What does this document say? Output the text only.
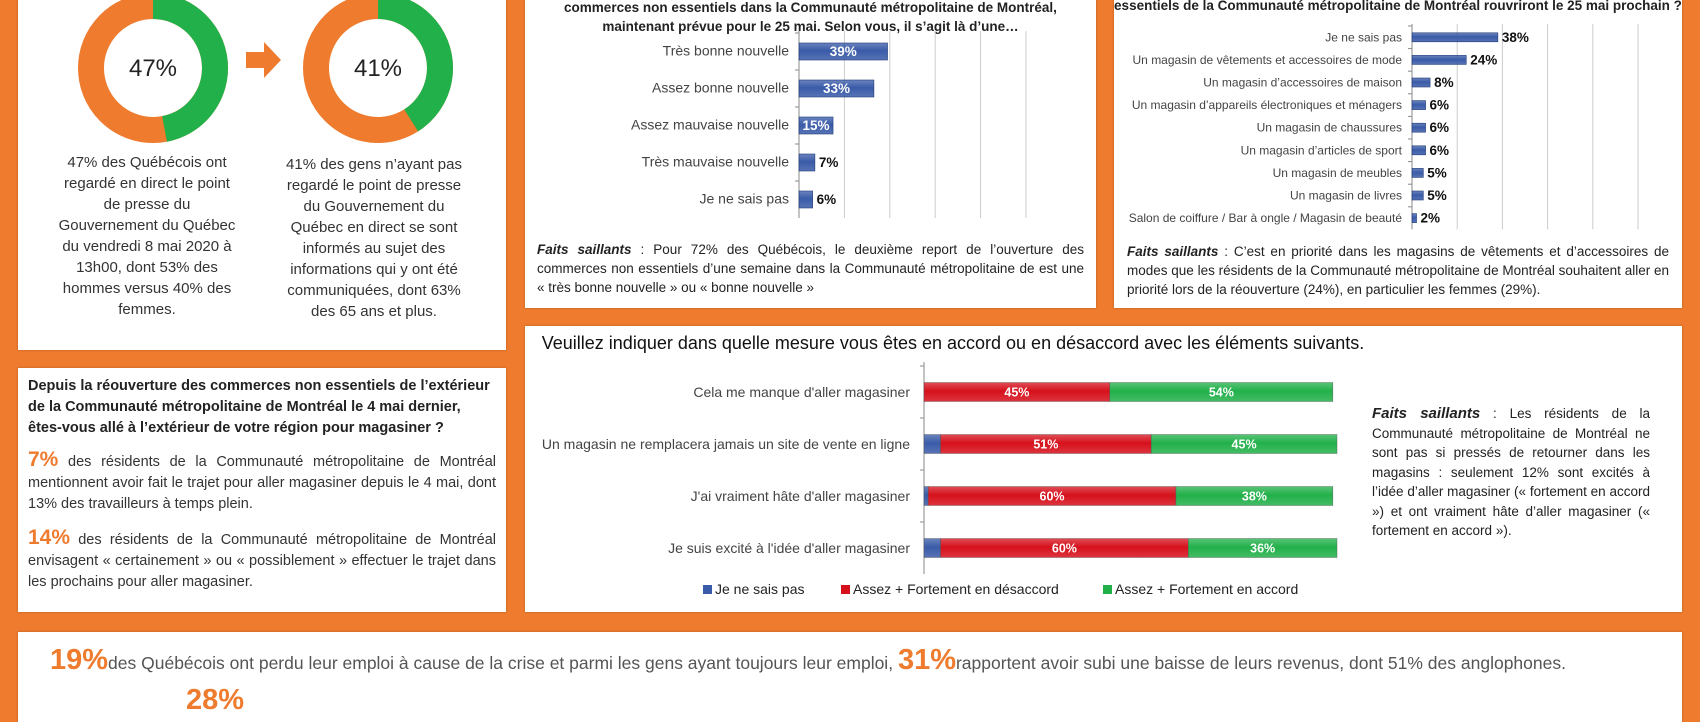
47%	41%
47% des Québécois ont regardé en direct le point de presse du Gouvernement du Québec du vendredi 8 mai 2020 à 13h00, dont 53% des hommes versus 40% des femmes.
41% des gens n’ayant pas regardé le point de presse du Gouvernement du Québec en direct se sont informés au sujet des informations qui y ont été communiquées, dont 63% des 65 ans et plus.
commerces non essentiels dans la Communauté métropolitaine de Montréal,
maintenant prévue pour le 25 mai. Selon vous, il s’agit là d’une…
Très bonne nouvelle	39%
Assez bonne nouvelle	33%
Assez mauvaise nouvelle 15%
Très mauvaise nouvelle 7%
Je ne sais pas 6%
Faits saillants : Pour 72% des Québécois, le deuxième report de l’ouverture des commerces non essentiels d’une semaine dans la Communauté métropolitaine de est une « très bonne nouvelle » ou « bonne nouvelle »
essentiels de la Communauté métropolitaine de Montréal rouvriront le 25 mai prochain ?
Je ne sais pas	38%
Un magasin de vêtements et accessoires de mode	24%
Un magasin d’accessoires de maison 8%
Un magasin d’appareils électroniques et ménagers 6%
Un magasin de chaussures 6%
Un magasin d’articles de sport 6%
Un magasin de meubles 5%
Un magasin de livres 5%
Salon de coiffure / Bar à ongle / Magasin de beauté 2%
Faits saillants : C’est en priorité dans les magasins de vêtements et d’accessoires de modes que les résidents de la Communauté métropolitaine de Montréal souhaitent aller en priorité lors de la réouverture (24%), en particulier les femmes (29%).
Depuis la réouverture des commerces non essentiels de l’extérieur de la Communauté métropolitaine de Montréal le 4 mai dernier, êtes-vous allé à l’extérieur de votre région pour magasiner ?
7% des résidents de la Communauté métropolitaine de Montréal mentionnent avoir fait le trajet pour aller magasiner depuis le 4 mai, dont 13% des travailleurs à temps plein.
14% des résidents de la Communauté métropolitaine de Montréal envisagent « certainement » ou « possiblement » effectuer le trajet dans les prochains pour aller magasiner.
Veuillez indiquer dans quelle mesure vous êtes en accord ou en désaccord avec les éléments suivants.
Cela me manque d'aller magasiner	45%	54%
Un magasin ne remplacera jamais un site de vente en ligne	51%	45%
J'ai vraiment hâte d'aller magasiner	60%	38%
Je suis excité à l'idée d'aller magasiner	60%	36%
Je ne sais pas	Assez + Fortement en désaccord	Assez + Fortement en accord
Faits saillants : Les résidents de la Communauté métropolitaine de Montréal ne sont pas si pressés de retourner dans les magasins : seulement 12% sont excités à l’idée d’aller magasiner (« fortement en accord ») et ont vraiment hâte d’aller magasiner (« fortement en accord »).
19%des Québécois ont perdu leur emploi à cause de la crise et parmi les gens ayant toujours leur emploi, 31%rapportent avoir subi une baisse de leurs revenus, dont 51% des anglophones.
28%
